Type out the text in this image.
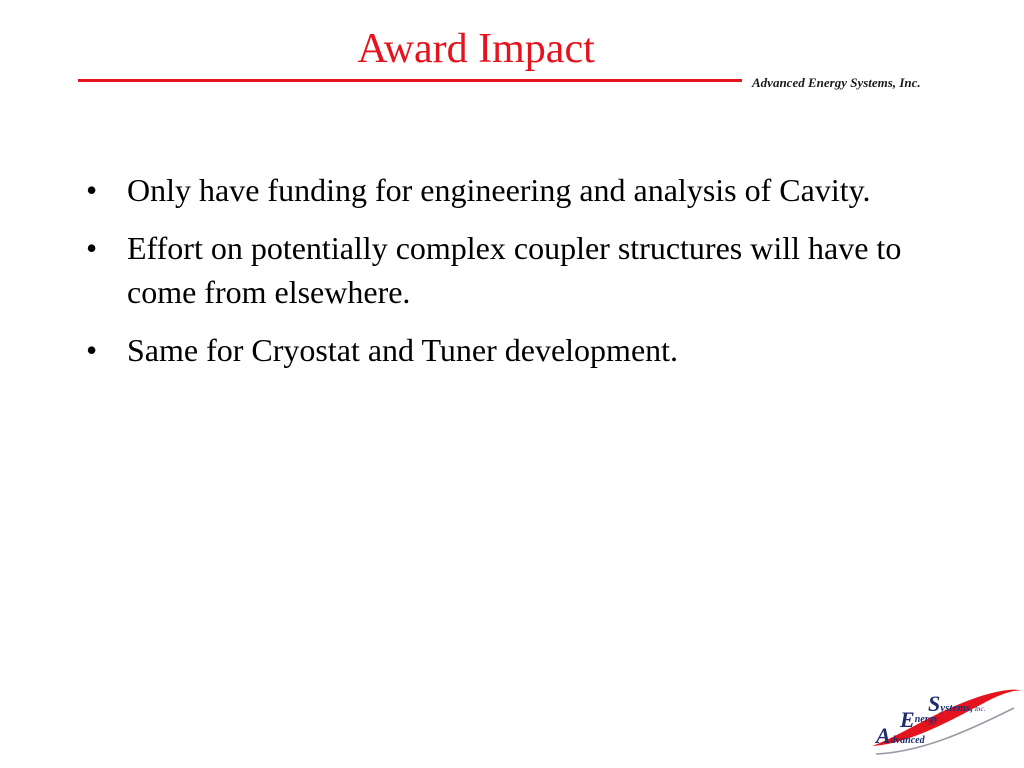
Award Impact
Advanced Energy Systems, Inc.
• Only have funding for engineering and analysis of Cavity.
• Effort on potentially complex coupler structures will have to come from elsewhere.
• Same for Cryostat and Tuner development.
Systems, Inc.
$E^{nergy}$
Advanced
